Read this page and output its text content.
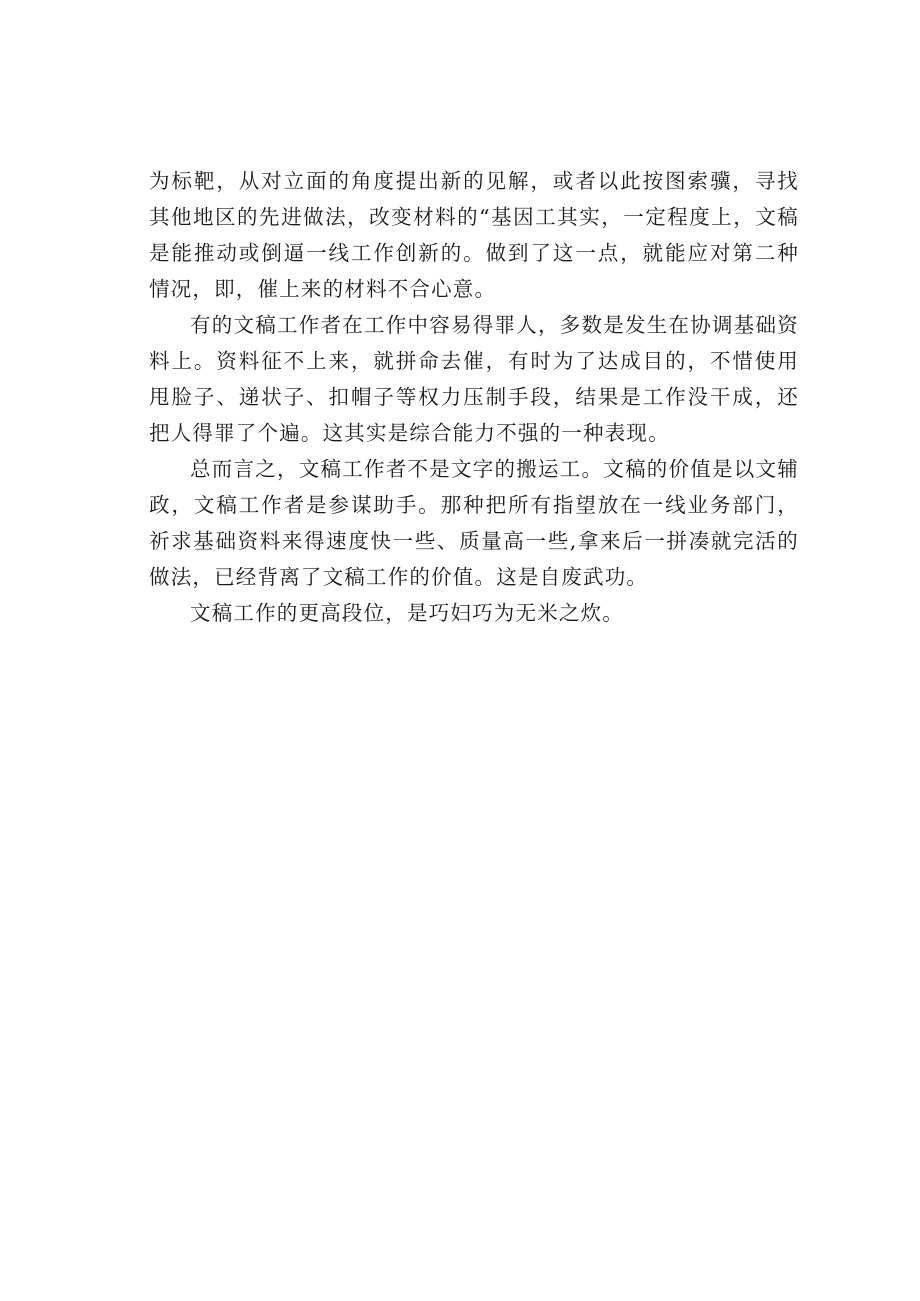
为标靶，从对立面的角度提出新的见解，或者以此按图索骥，寻找其他地区的先进做法，改变材料的“基因工其实，一定程度上，文稿是能推动或倒逼一线工作创新的。做到了这一点，就能应对第二种情况，即，催上来的材料不合心意。

有的文稿工作者在工作中容易得罪人，多数是发生在协调基础资料上。资料征不上来，就拼命去催，有时为了达成目的，不惜使用甩脸子、递状子、扣帽子等权力压制手段，结果是工作没干成，还把人得罪了个遍。这其实是综合能力不强的一种表现。

总而言之，文稿工作者不是文字的搬运工。文稿的价值是以文辅政，文稿工作者是参谋助手。那种把所有指望放在一线业务部门，祈求基础资料来得速度快一些、质量高一些,拿来后一拼凑就完活的做法，已经背离了文稿工作的价值。这是自废武功。

文稿工作的更高段位，是巧妇巧为无米之炊。
